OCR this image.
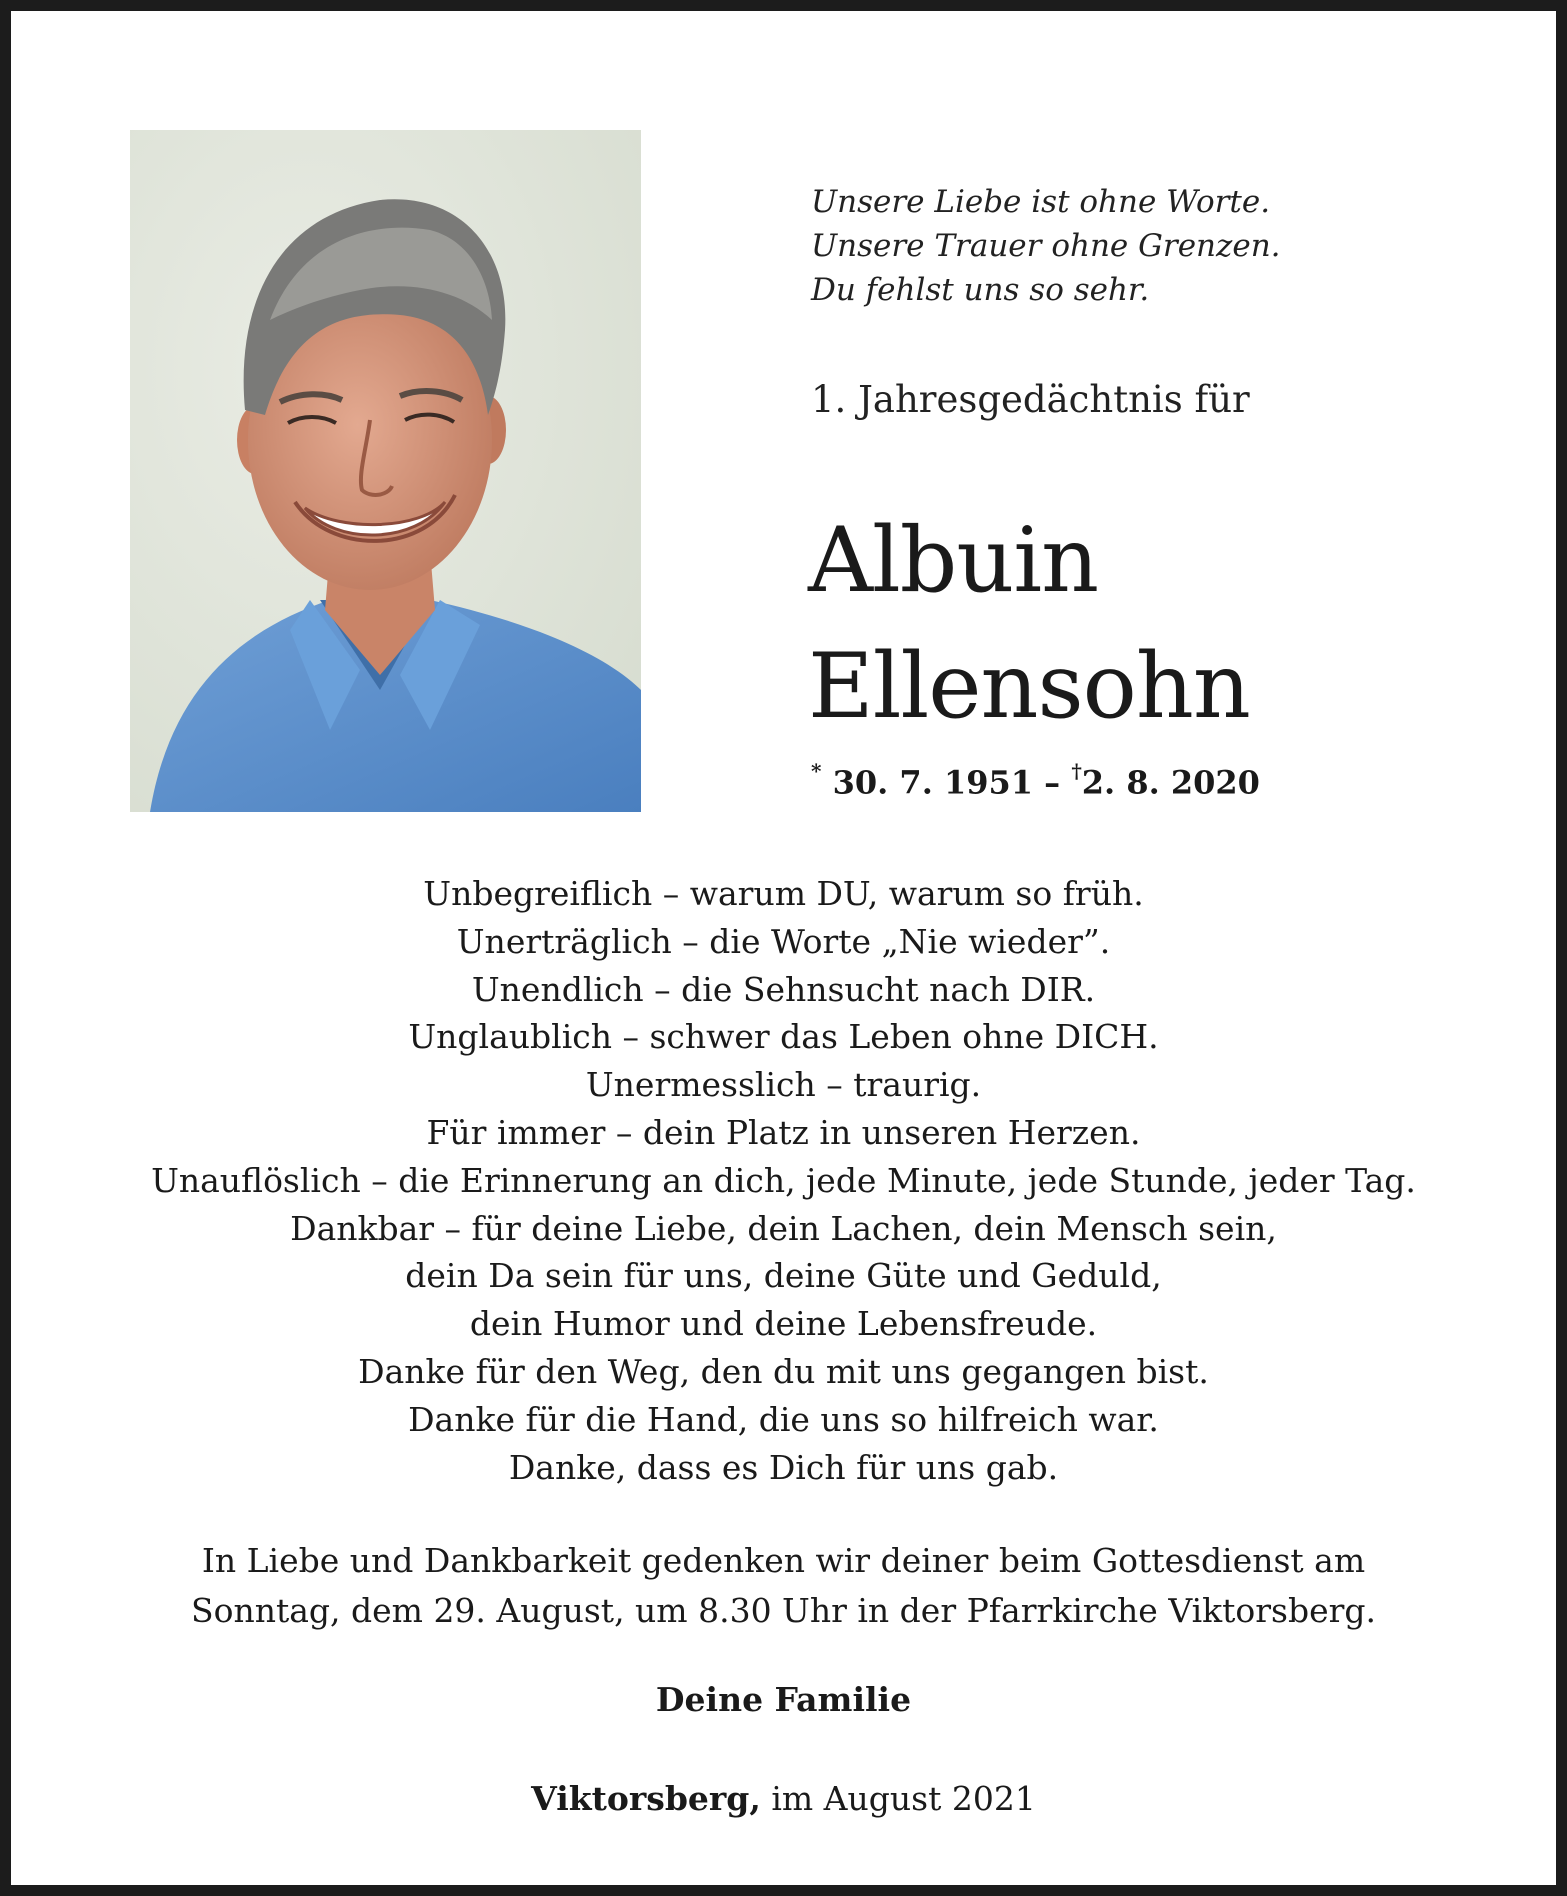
Unsere Liebe ist ohne Worte.
Unsere Trauer ohne Grenzen.
Du fehlst uns so sehr.
1. Jahresgedächtnis für
Albuin
Ellensohn
* 30. 7. 1951 – †2. 8. 2020
Unbegreiflich – warum DU, warum so früh.
Unerträglich – die Worte „Nie wieder”.
Unendlich – die Sehnsucht nach DIR.
Unglaublich – schwer das Leben ohne DICH.
Unermesslich – traurig.
Für immer – dein Platz in unseren Herzen.
Unauflöslich – die Erinnerung an dich, jede Minute, jede Stunde, jeder Tag.
Dankbar – für deine Liebe, dein Lachen, dein Mensch sein,
dein Da sein für uns, deine Güte und Geduld,
dein Humor und deine Lebensfreude.
Danke für den Weg, den du mit uns gegangen bist.
Danke für die Hand, die uns so hilfreich war.
Danke, dass es Dich für uns gab.
In Liebe und Dankbarkeit gedenken wir deiner beim Gottesdienst am
Sonntag, dem 29. August, um 8.30 Uhr in der Pfarrkirche Viktorsberg.
Deine Familie
Viktorsberg, im August 2021
